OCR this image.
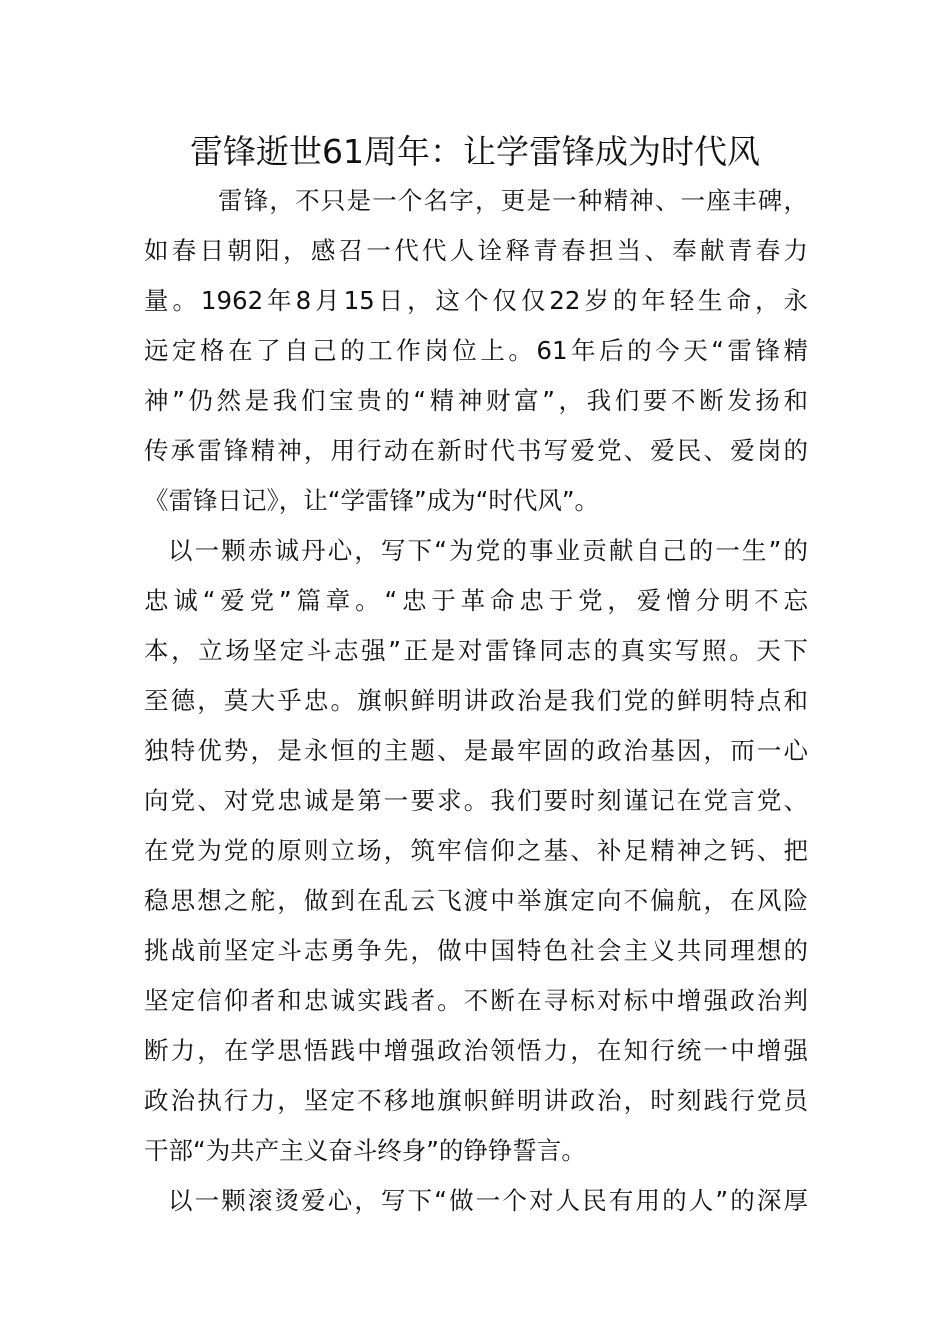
雷锋逝世61周年：让学雷锋成为时代风

雷锋，不只是一个名字，更是一种精神、一座丰碑，

如春日朝阳，感召一代代人诠释青春担当、奉献青春力

量。1962年8月15日，这个仅仅22岁的年轻生命，永

远定格在了自己的工作岗位上。61年后的今天“雷锋精

神”仍然是我们宝贵的“精神财富”，我们要不断发扬和

传承雷锋精神，用行动在新时代书写爱党、爱民、爱岗的

《雷锋日记》，让“学雷锋”成为“时代风”。

以一颗赤诚丹心，写下“为党的事业贡献自己的一生”的

忠诚“爱党”篇章。“忠于革命忠于党，爱憎分明不忘

本，立场坚定斗志强”正是对雷锋同志的真实写照。天下

至德，莫大乎忠。旗帜鲜明讲政治是我们党的鲜明特点和

独特优势，是永恒的主题、是最牢固的政治基因，而一心

向党、对党忠诚是第一要求。我们要时刻谨记在党言党、

在党为党的原则立场，筑牢信仰之基、补足精神之钙、把

稳思想之舵，做到在乱云飞渡中举旗定向不偏航，在风险

挑战前坚定斗志勇争先，做中国特色社会主义共同理想的

坚定信仰者和忠诚实践者。不断在寻标对标中增强政治判

断力，在学思悟践中增强政治领悟力，在知行统一中增强

政治执行力，坚定不移地旗帜鲜明讲政治，时刻践行党员

干部“为共产主义奋斗终身”的铮铮誓言。

以一颗滚烫爱心，写下“做一个对人民有用的人”的深厚
